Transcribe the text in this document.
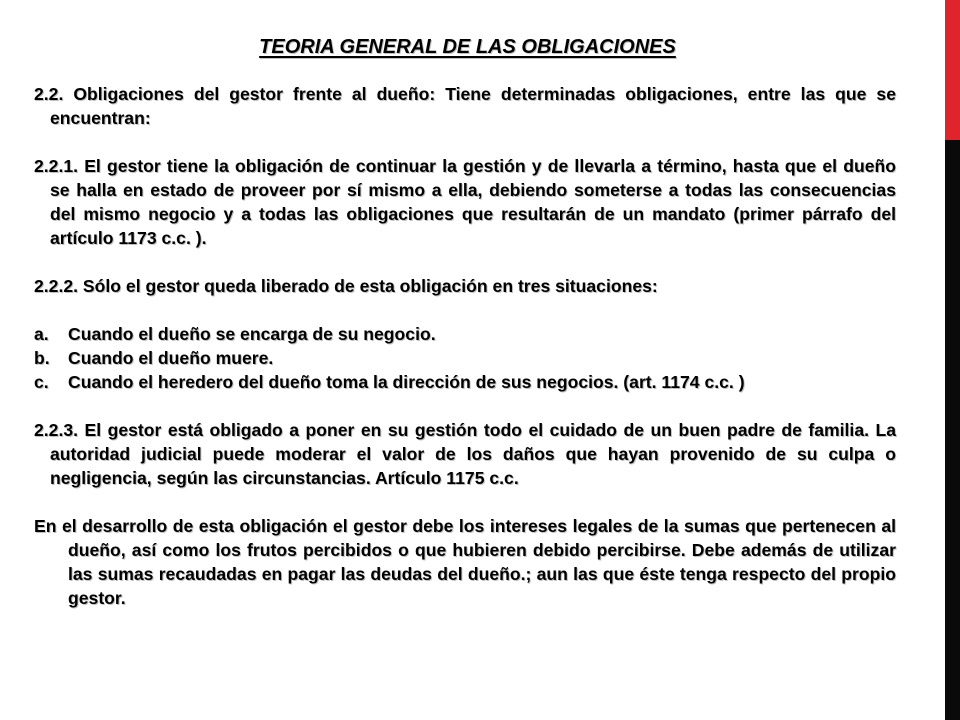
TEORIA GENERAL DE LAS OBLIGACIONES

2.2. Obligaciones del gestor frente al dueño: Tiene determinadas obligaciones, entre las que se encuentran:

2.2.1. El gestor tiene la obligación de continuar la gestión y de llevarla a término, hasta que el dueño se halla en estado de proveer por sí mismo a ella, debiendo someterse a todas las consecuencias del mismo negocio y a todas las obligaciones que resultarán de un mandato (primer párrafo del artículo 1173 c.c. ).

2.2.2. Sólo el gestor queda liberado de esta obligación en tres situaciones:

a.	Cuando el dueño se encarga de su negocio.
b.	Cuando el dueño muere.
c.	Cuando el heredero del dueño toma la dirección de sus negocios. (art. 1174 c.c. )

2.2.3. El gestor está obligado a poner en su gestión todo el cuidado de un buen padre de familia. La autoridad judicial puede moderar el valor de los daños que hayan provenido de su culpa o negligencia, según las circunstancias. Artículo 1175 c.c.

En el desarrollo de esta obligación el gestor debe los intereses legales de la sumas que pertenecen al dueño, así como los frutos percibidos o que hubieren debido percibirse. Debe además de utilizar las sumas recaudadas en pagar las deudas del dueño.; aun las que éste tenga respecto del propio gestor.
